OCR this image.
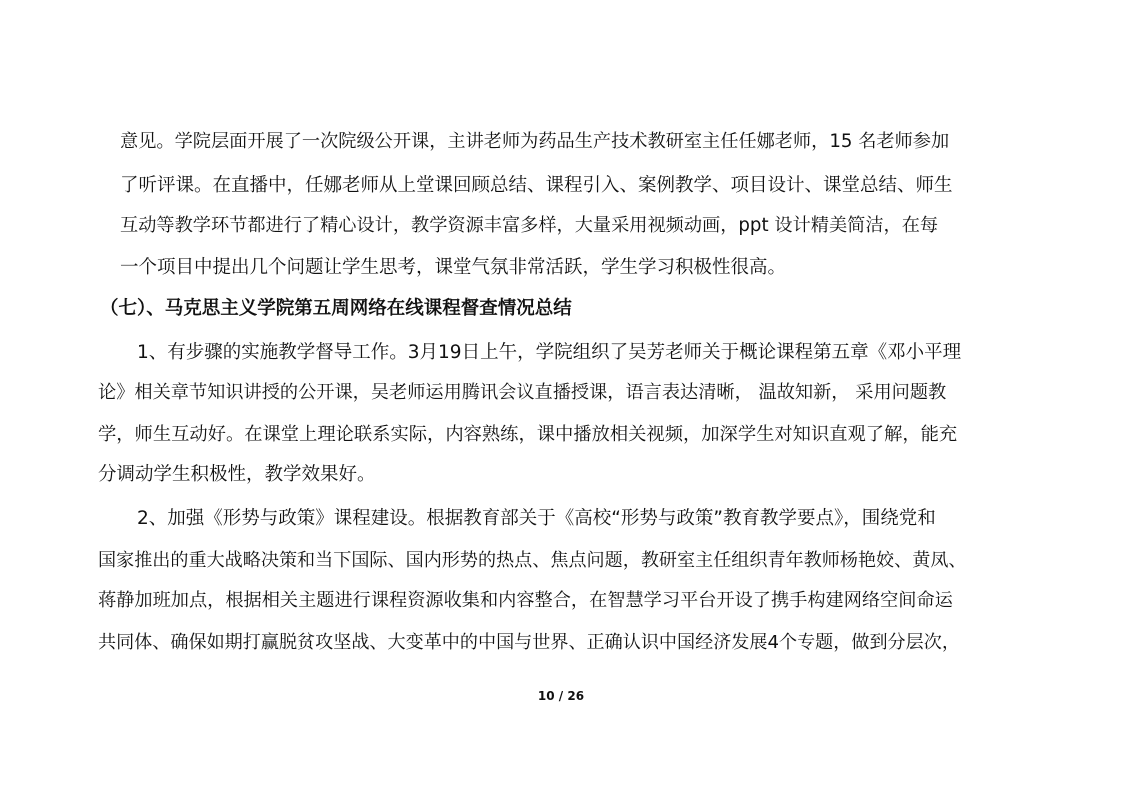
意见。学院层面开展了一次院级公开课，主讲老师为药品生产技术教研室主任任娜老师，15 名老师参加
了听评课。在直播中，任娜老师从上堂课回顾总结、课程引入、案例教学、项目设计、课堂总结、师生
互动等教学环节都进行了精心设计，教学资源丰富多样，大量采用视频动画，ppt 设计精美简洁，在每
一个项目中提出几个问题让学生思考，课堂气氛非常活跃，学生学习积极性很高。
（七）、马克思主义学院第五周网络在线课程督查情况总结
1、有步骤的实施教学督导工作。3月19日上午，学院组织了吴芳老师关于概论课程第五章《邓小平理
论》相关章节知识讲授的公开课，吴老师运用腾讯会议直播授课，语言表达清晰， 温故知新， 采用问题教
学，师生互动好。在课堂上理论联系实际，内容熟练，课中播放相关视频，加深学生对知识直观了解，能充
分调动学生积极性，教学效果好。
2、加强《形势与政策》课程建设。根据教育部关于《高校“形势与政策”教育教学要点》，围绕党和
国家推出的重大战略决策和当下国际、国内形势的热点、焦点问题，教研室主任组织青年教师杨艳姣、黄凤、
蒋静加班加点，根据相关主题进行课程资源收集和内容整合，在智慧学习平台开设了携手构建网络空间命运
共同体、确保如期打赢脱贫攻坚战、大变革中的中国与世界、正确认识中国经济发展4个专题，做到分层次，
10 / 26
